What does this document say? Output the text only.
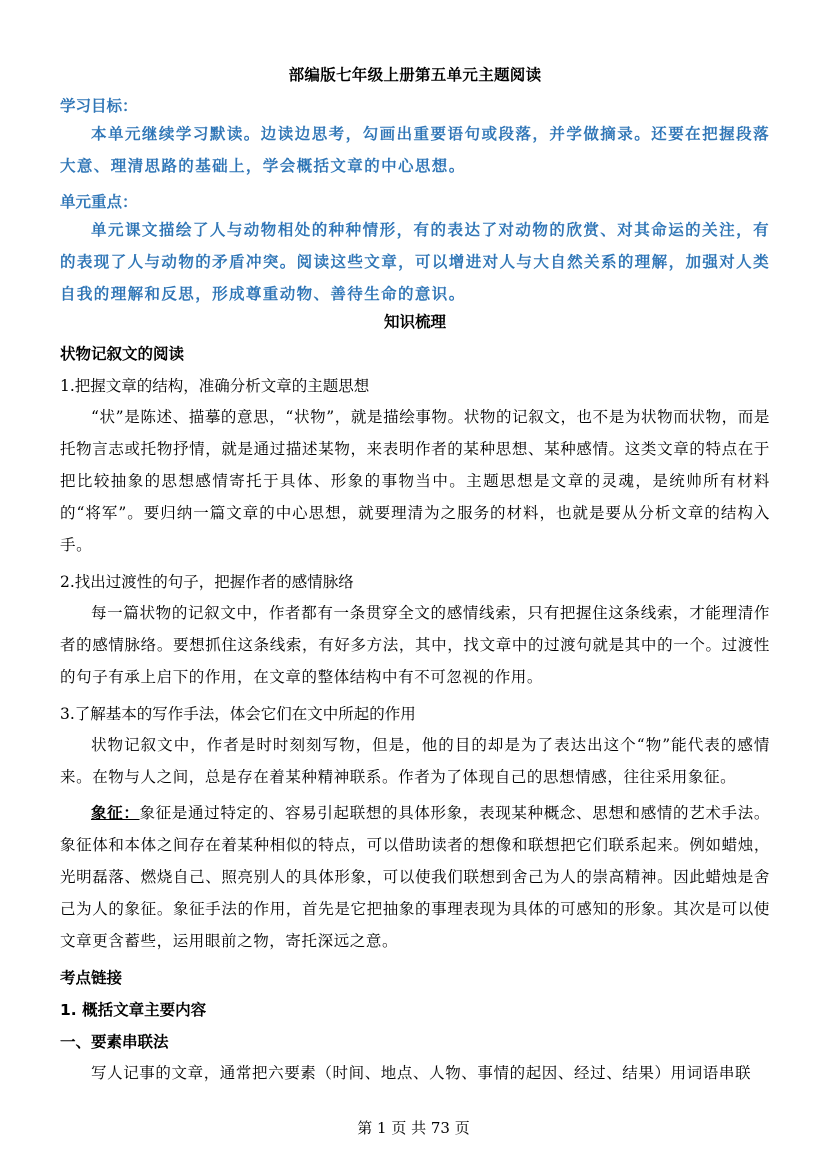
部编版七年级上册第五单元主题阅读
学习目标：

本单元继续学习默读。边读边思考，勾画出重要语句或段落，并学做摘录。还要在把握段落大意、理清思路的基础上，学会概括文章的中心思想。

单元重点：

单元课文描绘了人与动物相处的种种情形，有的表达了对动物的欣赏、对其命运的关注，有的表现了人与动物的矛盾冲突。阅读这些文章，可以增进对人与大自然关系的理解，加强对人类自我的理解和反思，形成尊重动物、善待生命的意识。

知识梳理
状物记叙文的阅读
1.把握文章的结构，准确分析文章的主题思想

“状”是陈述、描摹的意思，“状物”，就是描绘事物。状物的记叙文，也不是为状物而状物，而是托物言志或托物抒情，就是通过描述某物，来表明作者的某种思想、某种感情。这类文章的特点在于把比较抽象的思想感情寄托于具体、形象的事物当中。主题思想是文章的灵魂，是统帅所有材料的“将军”。要归纳一篇文章的中心思想，就要理清为之服务的材料，也就是要从分析文章的结构入手。

2.找出过渡性的句子，把握作者的感情脉络

每一篇状物的记叙文中，作者都有一条贯穿全文的感情线索，只有把握住这条线索，才能理清作者的感情脉络。要想抓住这条线索，有好多方法，其中，找文章中的过渡句就是其中的一个。过渡性的句子有承上启下的作用，在文章的整体结构中有不可忽视的作用。

3.了解基本的写作手法，体会它们在文中所起的作用

状物记叙文中，作者是时时刻刻写物，但是，他的目的却是为了表达出这个“物”能代表的感情来。在物与人之间，总是存在着某种精神联系。作者为了体现自己的思想情感，往往采用象征。

象征：象征是通过特定的、容易引起联想的具体形象，表现某种概念、思想和感情的艺术手法。象征体和本体之间存在着某种相似的特点，可以借助读者的想像和联想把它们联系起来。例如蜡烛，光明磊落、燃烧自己、照亮别人的具体形象，可以使我们联想到舍己为人的崇高精神。因此蜡烛是舍己为人的象征。象征手法的作用，首先是它把抽象的事理表现为具体的可感知的形象。其次是可以使文章更含蓄些，运用眼前之物，寄托深远之意。

考点链接
1. 概括文章主要内容
一、要素串联法

写人记事的文章，通常把六要素（时间、地点、人物、事情的起因、经过、结果）用词语串联

第 1 页 共 73 页
